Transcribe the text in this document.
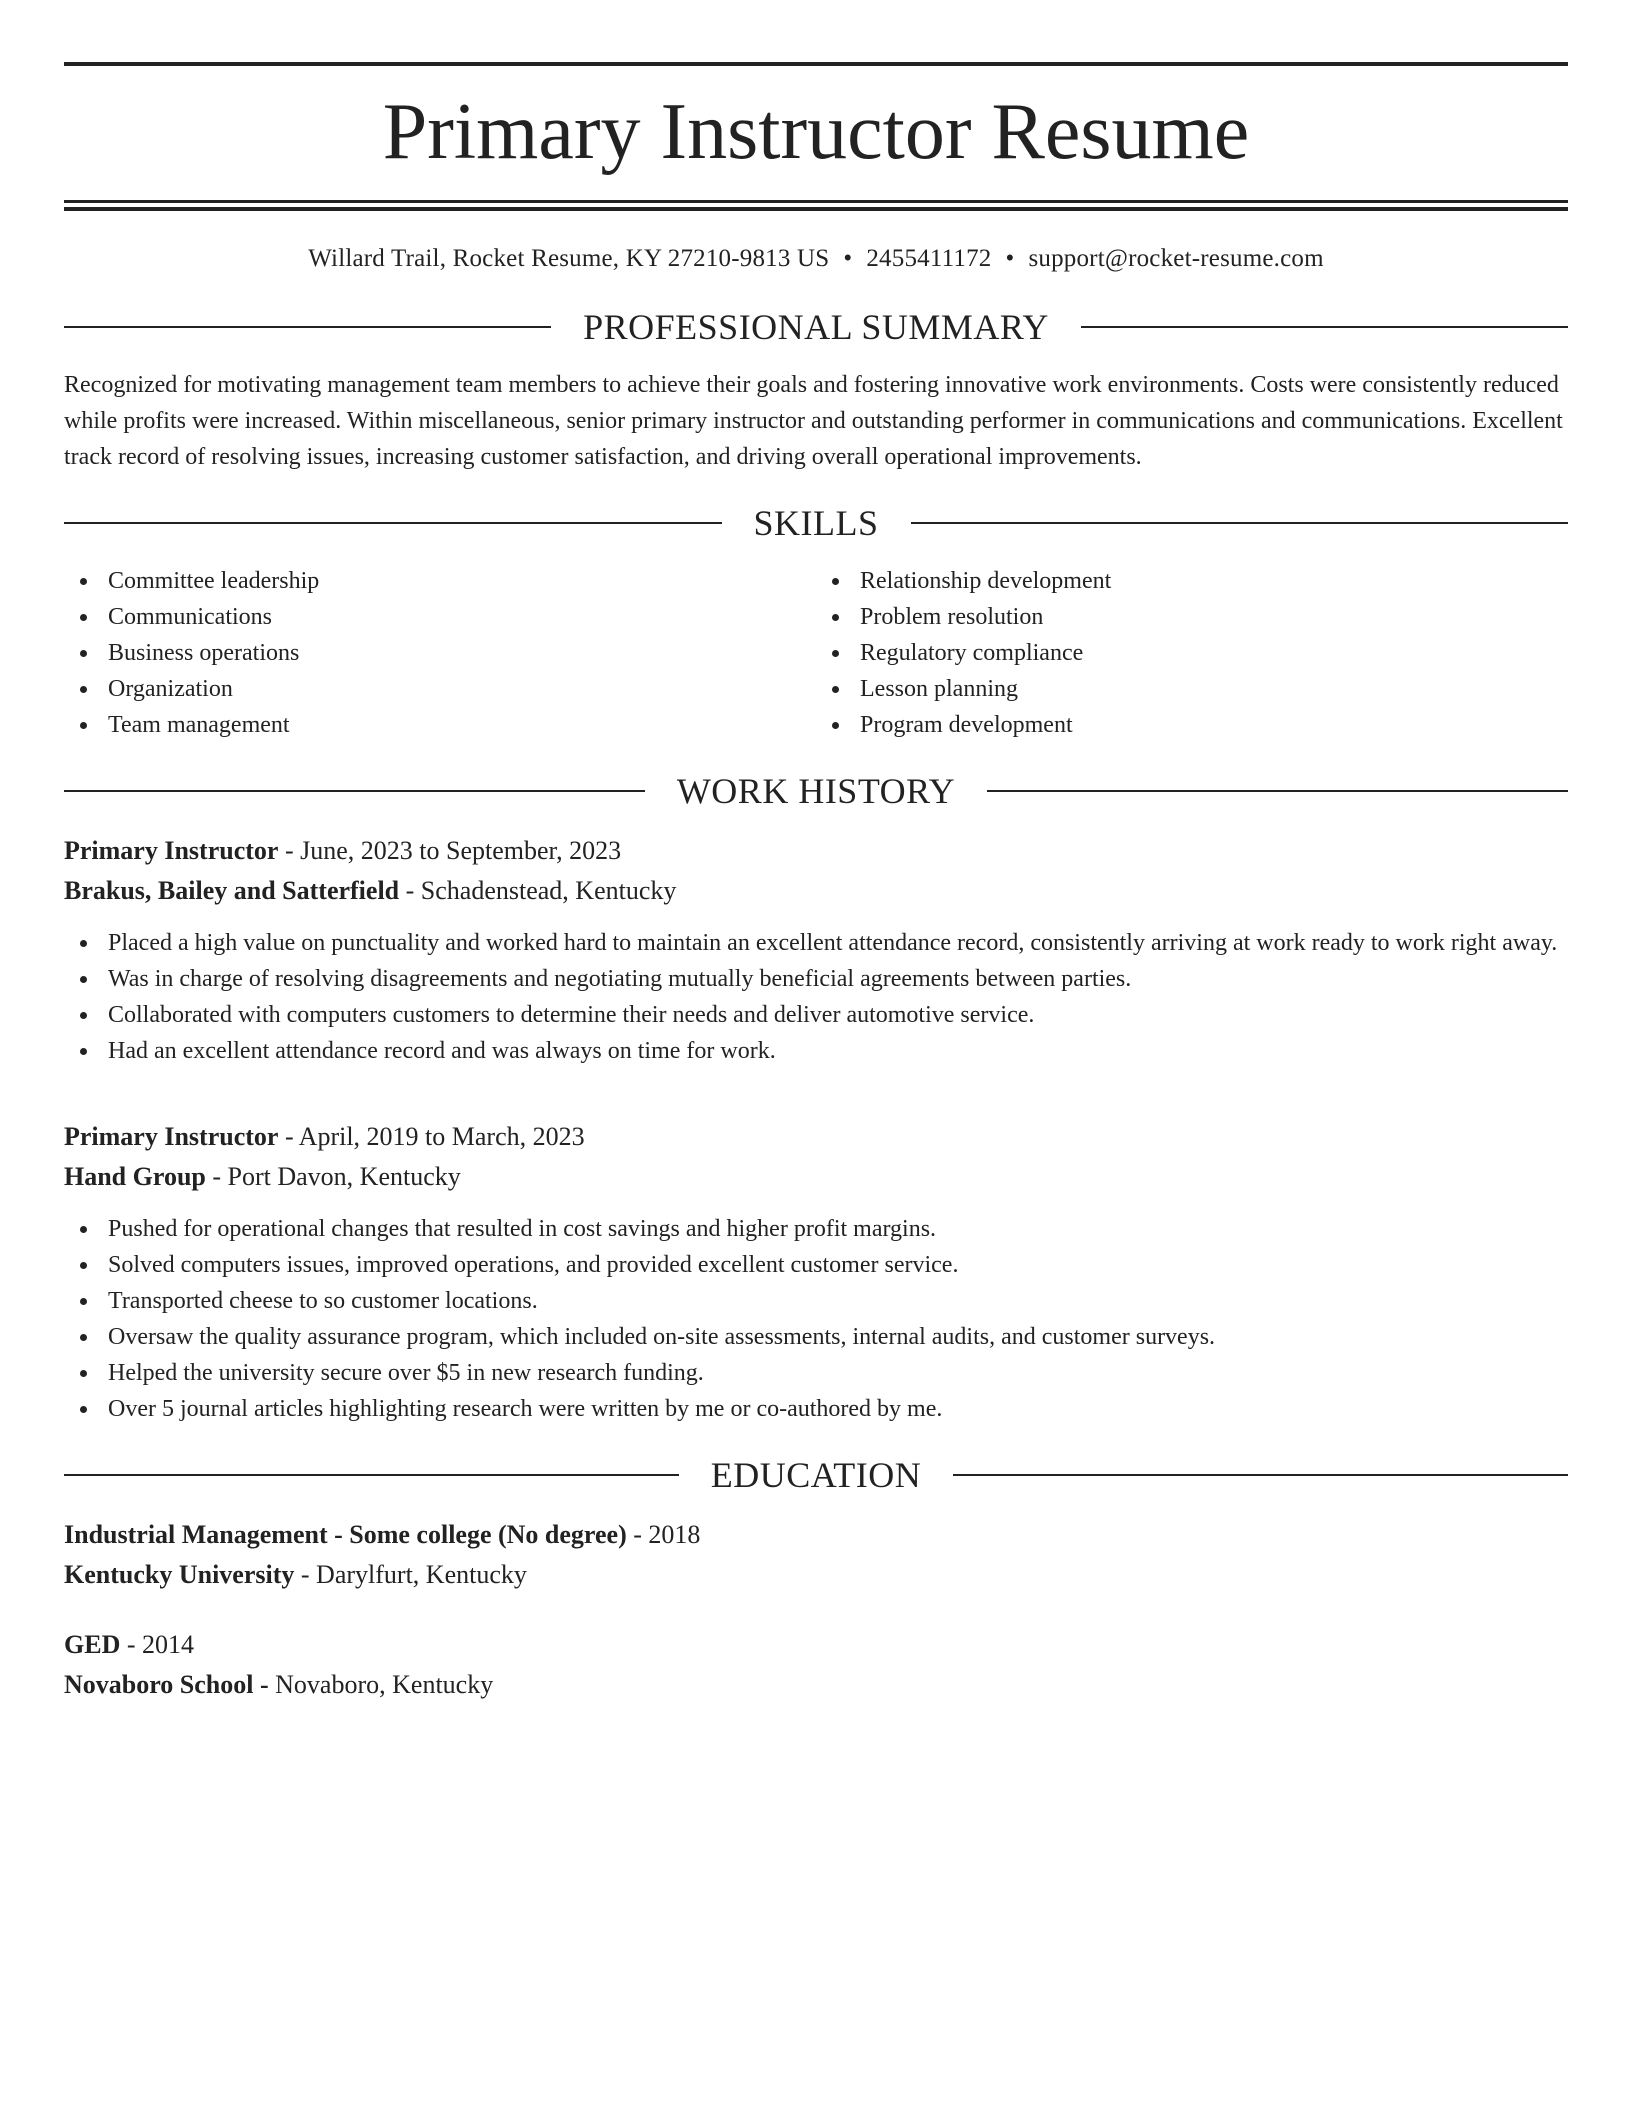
Primary Instructor Resume
Willard Trail, Rocket Resume, KY 27210-9813 US • 2455411172 • support@rocket-resume.com
PROFESSIONAL SUMMARY
Recognized for motivating management team members to achieve their goals and fostering innovative work environments. Costs were consistently reduced while profits were increased. Within miscellaneous, senior primary instructor and outstanding performer in communications and communications. Excellent track record of resolving issues, increasing customer satisfaction, and driving overall operational improvements.
SKILLS
Committee leadership
Communications
Business operations
Organization
Team management
Relationship development
Problem resolution
Regulatory compliance
Lesson planning
Program development
WORK HISTORY
Primary Instructor - June, 2023 to September, 2023
Brakus, Bailey and Satterfield - Schadenstead, Kentucky
Placed a high value on punctuality and worked hard to maintain an excellent attendance record, consistently arriving at work ready to work right away.
Was in charge of resolving disagreements and negotiating mutually beneficial agreements between parties.
Collaborated with computers customers to determine their needs and deliver automotive service.
Had an excellent attendance record and was always on time for work.
Primary Instructor - April, 2019 to March, 2023
Hand Group - Port Davon, Kentucky
Pushed for operational changes that resulted in cost savings and higher profit margins.
Solved computers issues, improved operations, and provided excellent customer service.
Transported cheese to so customer locations.
Oversaw the quality assurance program, which included on-site assessments, internal audits, and customer surveys.
Helped the university secure over $5 in new research funding.
Over 5 journal articles highlighting research were written by me or co-authored by me.
EDUCATION
Industrial Management - Some college (No degree) - 2018
Kentucky University - Darylfurt, Kentucky
GED - 2014
Novaboro School - Novaboro, Kentucky
